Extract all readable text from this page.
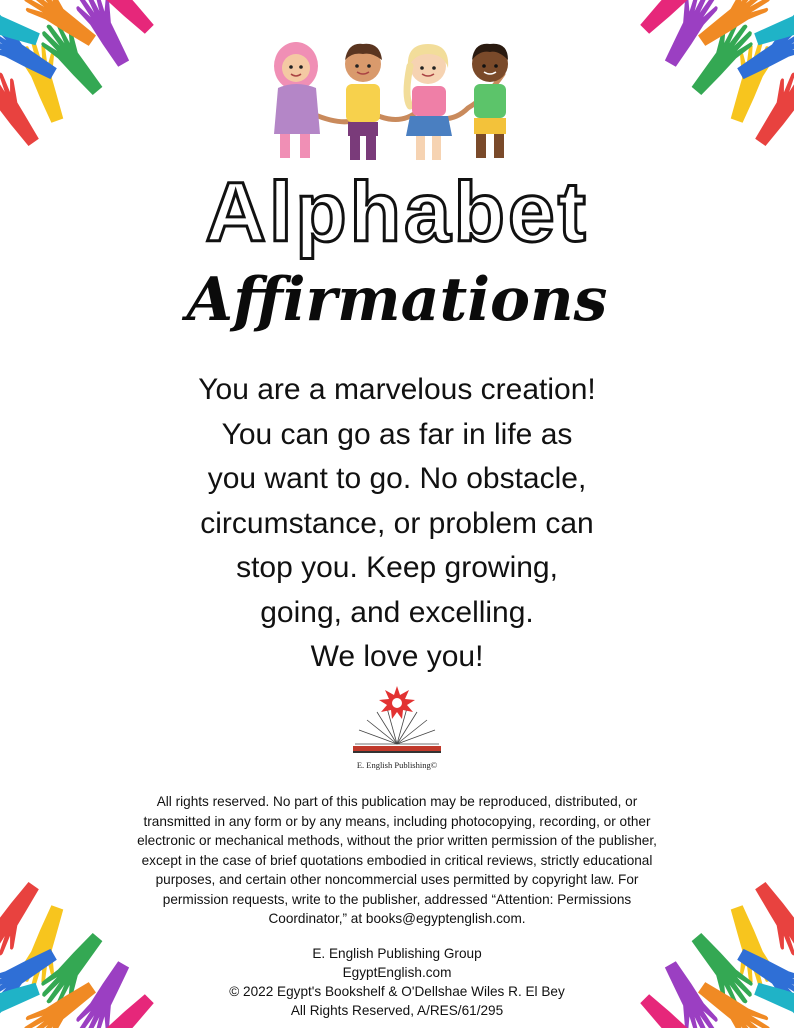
Alphabet
Affirmations

You are a marvelous creation!
You can go as far in life as
you want to go. No obstacle,
circumstance, or problem can
stop you. Keep growing,
going, and excelling.
We love you!

E. English Publishing©

All rights reserved. No part of this publication may be reproduced, distributed, or
transmitted in any form or by any means, including photocopying, recording, or other
electronic or mechanical methods, without the prior written permission of the publisher,
except in the case of brief quotations embodied in critical reviews, strictly educational
purposes, and certain other noncommercial uses permitted by copyright law. For
permission requests, write to the publisher, addressed “Attention: Permissions
Coordinator,” at books@egyptenglish.com.

E. English Publishing Group
EgyptEnglish.com
© 2022 Egypt's Bookshelf & O'Dellshae Wiles R. El Bey
All Rights Reserved, A/RES/61/295
